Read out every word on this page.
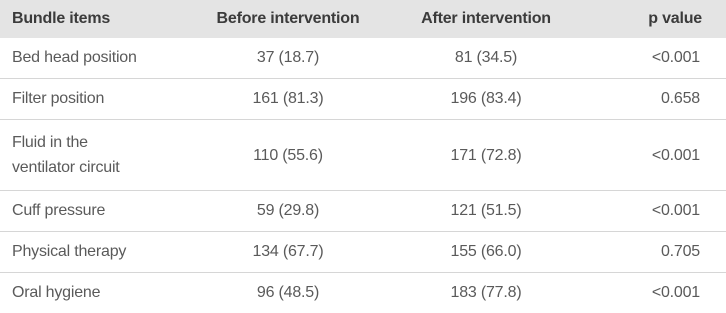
Bundle items	Before intervention	After intervention	p value
Bed head position	37 (18.7)	81 (34.5)	<0.001
Filter position	161 (81.3)	196 (83.4)	0.658
Fluid in the
ventilator circuit	110 (55.6)	171 (72.8)	<0.001
Cuff pressure	59 (29.8)	121 (51.5)	<0.001
Physical therapy	134 (67.7)	155 (66.0)	0.705
Oral hygiene	96 (48.5)	183 (77.8)	<0.001
